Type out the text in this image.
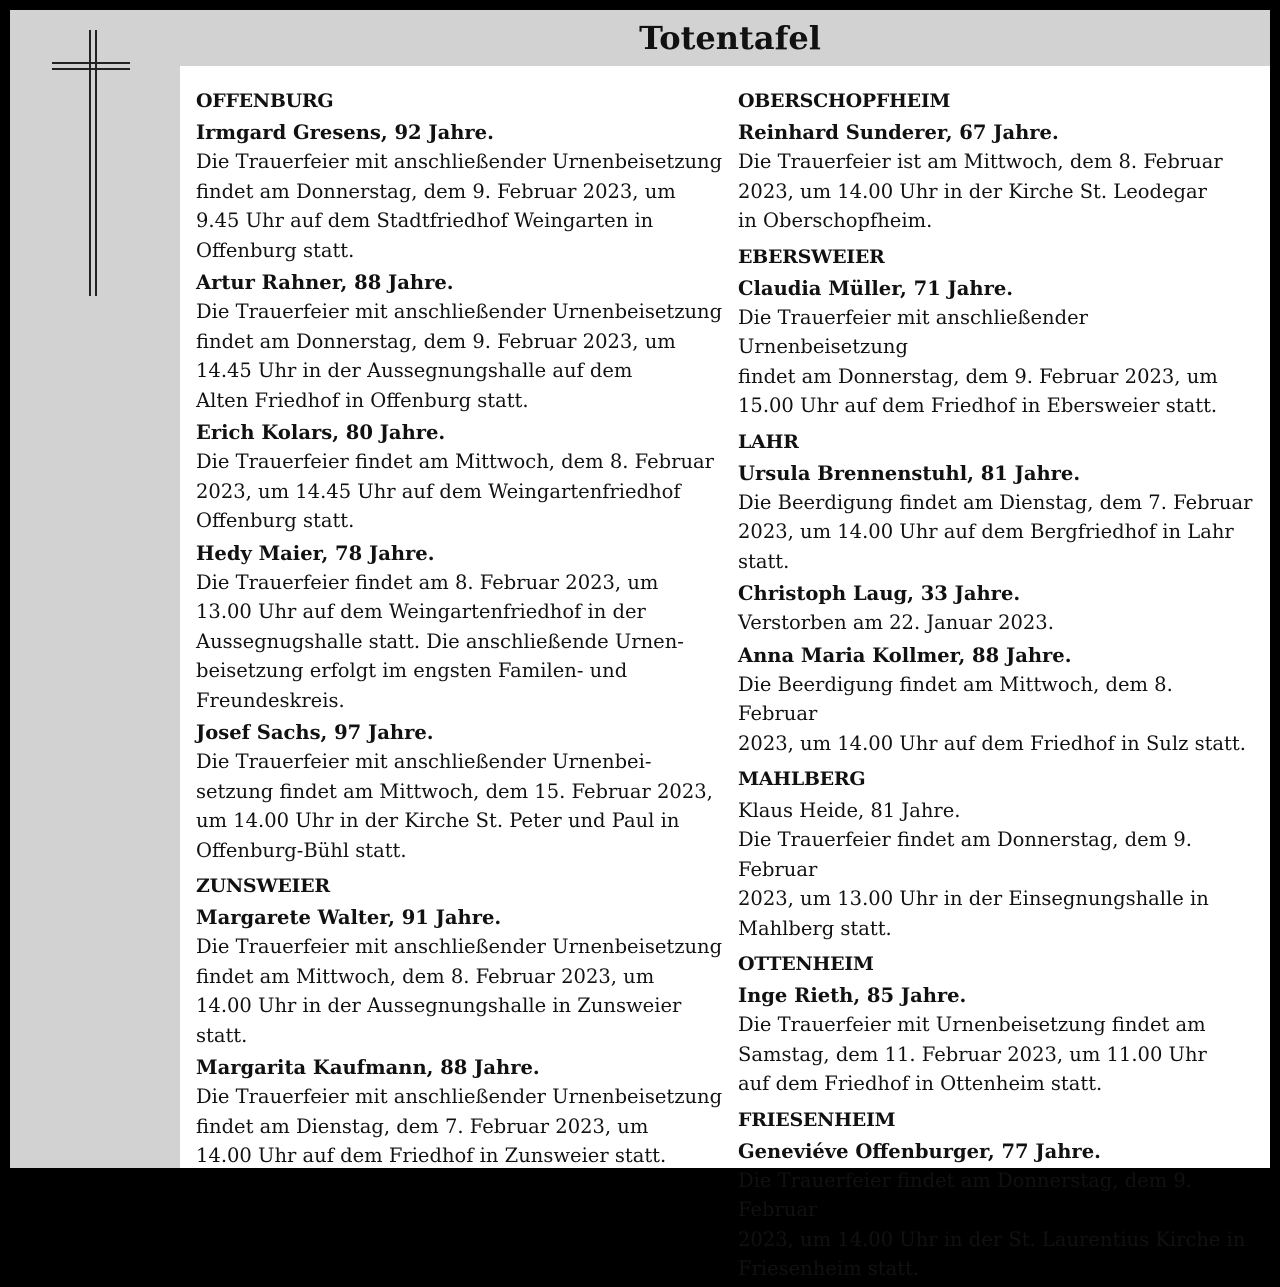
Totentafel
OFFENBURG
Irmgard Gresens, 92 Jahre.
Die Trauerfeier mit anschließender Urnenbeisetzung
findet am Donnerstag, dem 9. Februar 2023, um
9.45 Uhr auf dem Stadtfriedhof Weingarten in
Offenburg statt.
Artur Rahner, 88 Jahre.
Die Trauerfeier mit anschließender Urnenbeisetzung
findet am Donnerstag, dem 9. Februar 2023, um
14.45 Uhr in der Aussegnungshalle auf dem
Alten Friedhof in Offenburg statt.
Erich Kolars, 80 Jahre.
Die Trauerfeier findet am Mittwoch, dem 8. Februar
2023, um 14.45 Uhr auf dem Weingartenfriedhof
Offenburg statt.
Hedy Maier, 78 Jahre.
Die Trauerfeier findet am 8. Februar 2023, um
13.00 Uhr auf dem Weingartenfriedhof in der
Aussegnugshalle statt. Die anschließende Urnen-
beisetzung erfolgt im engsten Familen- und
Freundeskreis.
Josef Sachs, 97 Jahre.
Die Trauerfeier mit anschließender Urnenbei-
setzung findet am Mittwoch, dem 15. Februar 2023,
um 14.00 Uhr in der Kirche St. Peter und Paul in
Offenburg-Bühl statt.
ZUNSWEIER
Margarete Walter, 91 Jahre.
Die Trauerfeier mit anschließender Urnenbeisetzung
findet am Mittwoch, dem 8. Februar 2023, um
14.00 Uhr in der Aussegnungshalle in Zunsweier statt.
Margarita Kaufmann, 88 Jahre.
Die Trauerfeier mit anschließender Urnenbeisetzung
findet am Dienstag, dem 7. Februar 2023, um
14.00 Uhr auf dem Friedhof in Zunsweier statt.
OBERSCHOPFHEIM
Reinhard Sunderer, 67 Jahre.
Die Trauerfeier ist am Mittwoch, dem 8. Februar
2023, um 14.00 Uhr in der Kirche St. Leodegar
in Oberschopfheim.
EBERSWEIER
Claudia Müller, 71 Jahre.
Die Trauerfeier mit anschließender Urnenbeisetzung
findet am Donnerstag, dem 9. Februar 2023, um
15.00 Uhr auf dem Friedhof in Ebersweier statt.
LAHR
Ursula Brennenstuhl, 81 Jahre.
Die Beerdigung findet am Dienstag, dem 7. Februar
2023, um 14.00 Uhr auf dem Bergfriedhof in Lahr
statt.
Christoph Laug, 33 Jahre.
Verstorben am 22. Januar 2023.
Anna Maria Kollmer, 88 Jahre.
Die Beerdigung findet am Mittwoch, dem 8. Februar
2023, um 14.00 Uhr auf dem Friedhof in Sulz statt.
MAHLBERG
Klaus Heide, 81 Jahre.
Die Trauerfeier findet am Donnerstag, dem 9. Februar
2023, um 13.00 Uhr in der Einsegnungshalle in
Mahlberg statt.
OTTENHEIM
Inge Rieth, 85 Jahre.
Die Trauerfeier mit Urnenbeisetzung findet am
Samstag, dem 11. Februar 2023, um 11.00 Uhr
auf dem Friedhof in Ottenheim statt.
FRIESENHEIM
Geneviéve Offenburger, 77 Jahre.
Die Trauerfeier findet am Donnerstag, dem 9. Februar
2023, um 14.00 Uhr in der St. Laurentius Kirche in
Friesenheim statt.
